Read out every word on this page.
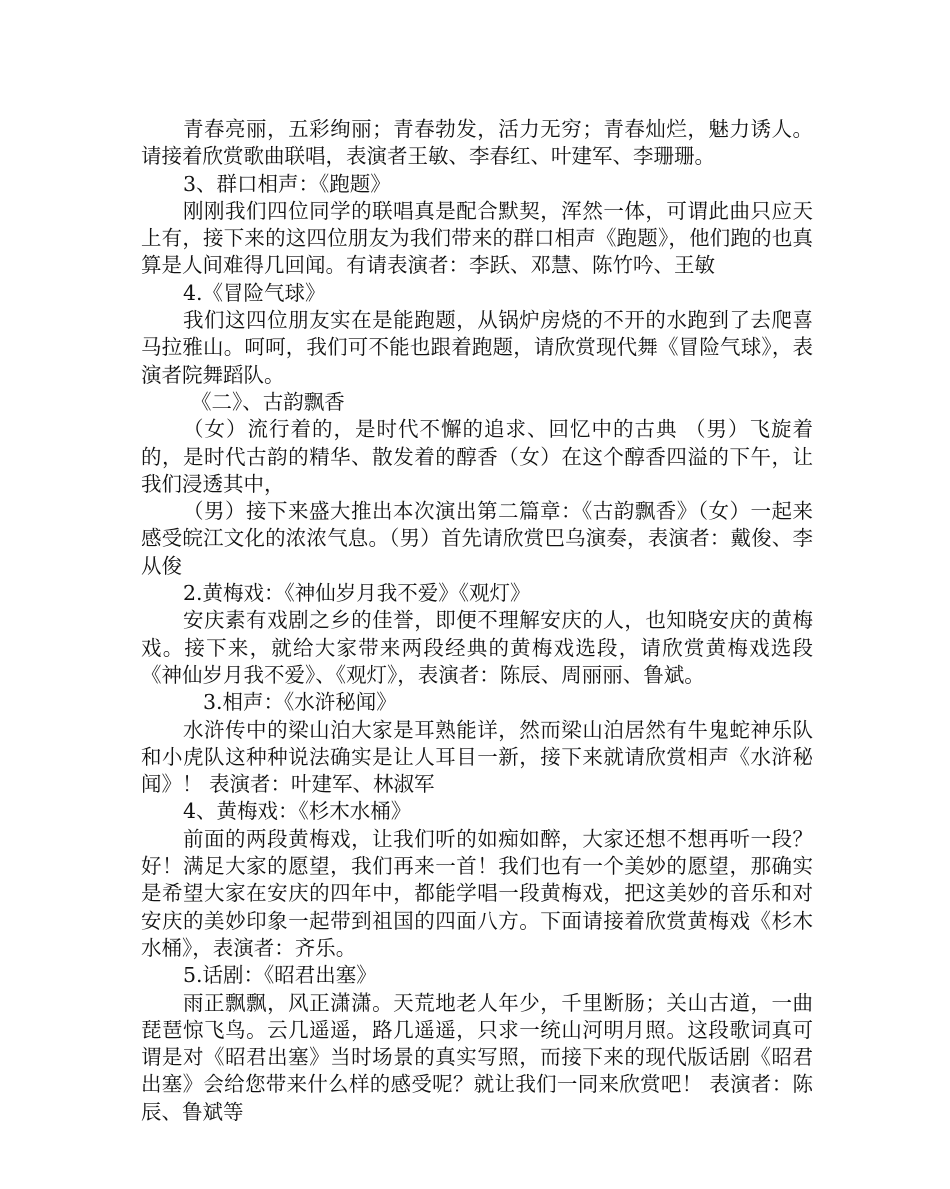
青春亮丽，五彩绚丽；青春勃发，活力无穷；青春灿烂，魅力诱人。请接着欣赏歌曲联唱，表演者王敏、李春红、叶建军、李珊珊。

3、群口相声：《跑题》

刚刚我们四位同学的联唱真是配合默契，浑然一体，可谓此曲只应天上有，接下来的这四位朋友为我们带来的群口相声《跑题》，他们跑的也真算是人间难得几回闻。有请表演者：李跃、邓慧、陈竹吟、王敏

4.《冒险气球》

我们这四位朋友实在是能跑题，从锅炉房烧的不开的水跑到了去爬喜马拉雅山。呵呵，我们可不能也跟着跑题，请欣赏现代舞《冒险气球》，表演者院舞蹈队。

《二》、古韵飘香

（女）流行着的，是时代不懈的追求、回忆中的古典 （男）飞旋着的，是时代古韵的精华、散发着的醇香（女）在这个醇香四溢的下午，让我们浸透其中，

（男）接下来盛大推出本次演出第二篇章：《古韵飘香》（女）一起来感受皖江文化的浓浓气息。（男）首先请欣赏巴乌演奏，表演者：戴俊、李从俊

2.黄梅戏：《神仙岁月我不爱》《观灯》

安庆素有戏剧之乡的佳誉，即便不理解安庆的人，也知晓安庆的黄梅戏。接下来，就给大家带来两段经典的黄梅戏选段，请欣赏黄梅戏选段《神仙岁月我不爱》、《观灯》，表演者：陈辰、周丽丽、鲁斌。

3.相声：《水浒秘闻》

水浒传中的梁山泊大家是耳熟能详，然而梁山泊居然有牛鬼蛇神乐队和小虎队这种种说法确实是让人耳目一新，接下来就请欣赏相声《水浒秘闻》！ 表演者：叶建军、林淑军

4、黄梅戏：《杉木水桶》

前面的两段黄梅戏，让我们听的如痴如醉，大家还想不想再听一段？好！满足大家的愿望，我们再来一首！我们也有一个美妙的愿望，那确实是希望大家在安庆的四年中，都能学唱一段黄梅戏，把这美妙的音乐和对安庆的美妙印象一起带到祖国的四面八方。下面请接着欣赏黄梅戏《杉木水桶》，表演者：齐乐。

5.话剧：《昭君出塞》

雨正飘飘，风正潇潇。天荒地老人年少，千里断肠；关山古道，一曲琵琶惊飞鸟。云几遥遥，路几遥遥，只求一统山河明月照。这段歌词真可谓是对《昭君出塞》当时场景的真实写照，而接下来的现代版话剧《昭君出塞》会给您带来什么样的感受呢？就让我们一同来欣赏吧！ 表演者：陈辰、鲁斌等
